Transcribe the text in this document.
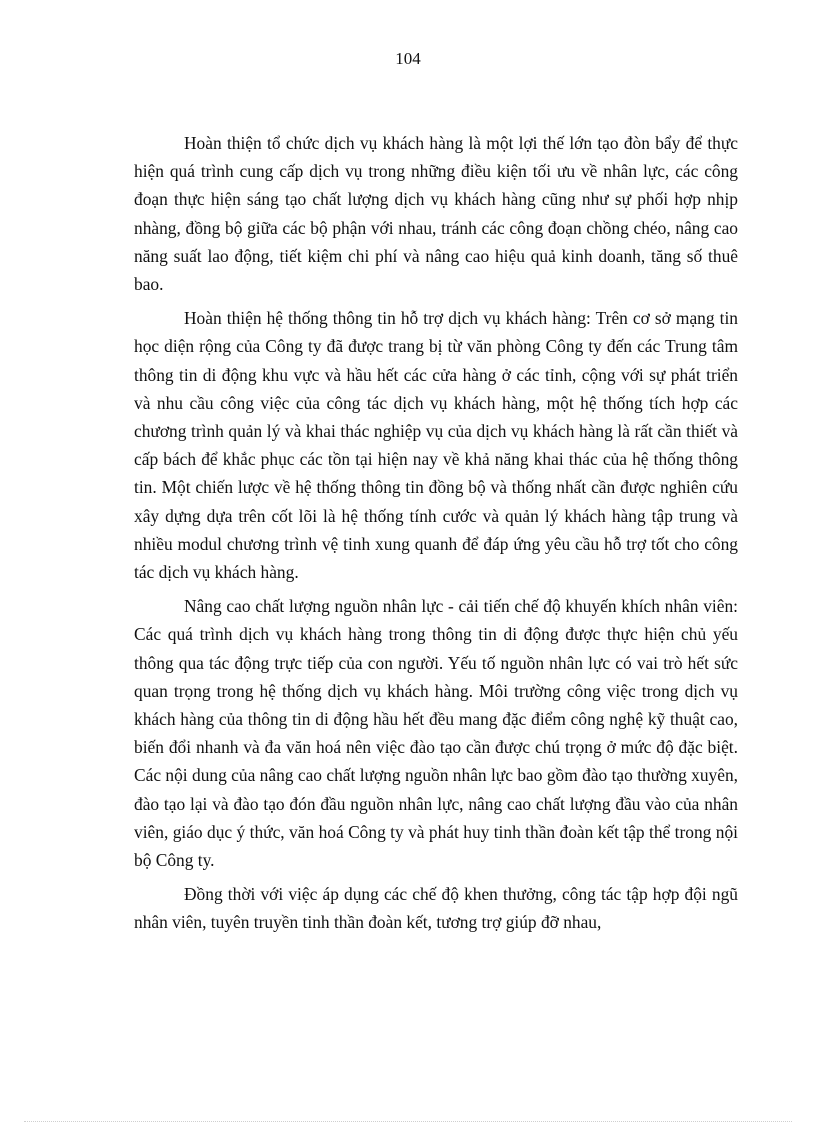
104

Hoàn thiện tổ chức dịch vụ khách hàng là một lợi thế lớn tạo đòn bẩy để thực hiện quá trình cung cấp dịch vụ trong những điều kiện tối ưu về nhân lực, các công đoạn thực hiện sáng tạo chất lượng dịch vụ khách hàng cũng như sự phối hợp nhịp nhàng, đồng bộ giữa các bộ phận với nhau, tránh các công đoạn chồng chéo, nâng cao năng suất lao động, tiết kiệm chi phí và nâng cao hiệu quả kinh doanh, tăng số thuê bao.

Hoàn thiện hệ thống thông tin hỗ trợ dịch vụ khách hàng: Trên cơ sở mạng tin học diện rộng của Công ty đã được trang bị từ văn phòng Công ty đến các Trung tâm thông tin di động khu vực và hầu hết các cửa hàng ở các tỉnh, cộng với sự phát triển và nhu cầu công việc của công tác dịch vụ khách hàng, một hệ thống tích hợp các chương trình quản lý và khai thác nghiệp vụ của dịch vụ khách hàng là rất cần thiết và cấp bách để khắc phục các tồn tại hiện nay về khả năng khai thác của hệ thống thông tin. Một chiến lược về hệ thống thông tin đồng bộ và thống nhất cần được nghiên cứu xây dựng dựa trên cốt lõi là hệ thống tính cước và quản lý khách hàng tập trung và nhiều modul chương trình vệ tinh xung quanh để đáp ứng yêu cầu hỗ trợ tốt cho công tác dịch vụ khách hàng.

Nâng cao chất lượng nguồn nhân lực - cải tiến chế độ khuyến khích nhân viên: Các quá trình dịch vụ khách hàng trong thông tin di động được thực hiện chủ yếu thông qua tác động trực tiếp của con người. Yếu tố nguồn nhân lực có vai trò hết sức quan trọng trong hệ thống dịch vụ khách hàng. Môi trường công việc trong dịch vụ khách hàng của thông tin di động hầu hết đều mang đặc điểm công nghệ kỹ thuật cao, biến đổi nhanh và đa văn hoá nên việc đào tạo cần được chú trọng ở mức độ đặc biệt. Các nội dung của nâng cao chất lượng nguồn nhân lực bao gồm đào tạo thường xuyên, đào tạo lại và đào tạo đón đầu nguồn nhân lực, nâng cao chất lượng đầu vào của nhân viên, giáo dục ý thức, văn hoá Công ty và phát huy tinh thần đoàn kết tập thể trong nội bộ Công ty.

Đồng thời với việc áp dụng các chế độ khen thưởng, công tác tập hợp đội ngũ nhân viên, tuyên truyền tinh thần đoàn kết, tương trợ giúp đỡ nhau,
